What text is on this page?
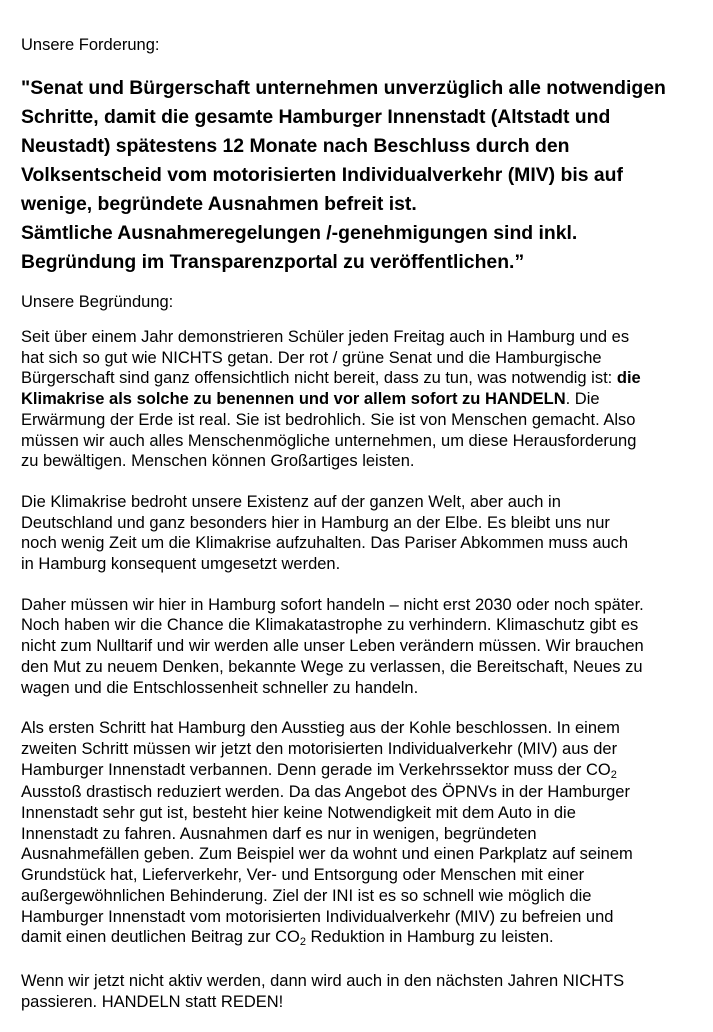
Unsere Forderung:

"Senat und Bürgerschaft unternehmen unverzüglich alle notwendigen
Schritte, damit die gesamte Hamburger Innenstadt (Altstadt und
Neustadt) spätestens 12 Monate nach Beschluss durch den
Volksentscheid vom motorisierten Individualverkehr (MIV) bis auf
wenige, begründete Ausnahmen befreit ist.
Sämtliche Ausnahmeregelungen /-genehmigungen sind inkl.
Begründung im Transparenzportal zu veröffentlichen.”

Unsere Begründung:

Seit über einem Jahr demonstrieren Schüler jeden Freitag auch in Hamburg und es
hat sich so gut wie NICHTS getan. Der rot / grüne Senat und die Hamburgische
Bürgerschaft sind ganz offensichtlich nicht bereit, dass zu tun, was notwendig ist: die
Klimakrise als solche zu benennen und vor allem sofort zu HANDELN. Die
Erwärmung der Erde ist real. Sie ist bedrohlich. Sie ist von Menschen gemacht. Also
müssen wir auch alles Menschenmögliche unternehmen, um diese Herausforderung
zu bewältigen. Menschen können Großartiges leisten.
Die Klimakrise bedroht unsere Existenz auf der ganzen Welt, aber auch in
Deutschland und ganz besonders hier in Hamburg an der Elbe. Es bleibt uns nur
noch wenig Zeit um die Klimakrise aufzuhalten. Das Pariser Abkommen muss auch
in Hamburg konsequent umgesetzt werden.
Daher müssen wir hier in Hamburg sofort handeln – nicht erst 2030 oder noch später.
Noch haben wir die Chance die Klimakatastrophe zu verhindern. Klimaschutz gibt es
nicht zum Nulltarif und wir werden alle unser Leben verändern müssen. Wir brauchen
den Mut zu neuem Denken, bekannte Wege zu verlassen, die Bereitschaft, Neues zu
wagen und die Entschlossenheit schneller zu handeln.
Als ersten Schritt hat Hamburg den Ausstieg aus der Kohle beschlossen. In einem
zweiten Schritt müssen wir jetzt den motorisierten Individualverkehr (MIV) aus der
Hamburger Innenstadt verbannen. Denn gerade im Verkehrssektor muss der $CO_2$
Ausstoß drastisch reduziert werden. Da das Angebot des ÖPNVs in der Hamburger
Innenstadt sehr gut ist, besteht hier keine Notwendigkeit mit dem Auto in die
Innenstadt zu fahren. Ausnahmen darf es nur in wenigen, begründeten
Ausnahmefällen geben. Zum Beispiel wer da wohnt und einen Parkplatz auf seinem
Grundstück hat, Lieferverkehr, Ver- und Entsorgung oder Menschen mit einer
außergewöhnlichen Behinderung. Ziel der INI ist es so schnell wie möglich die
Hamburger Innenstadt vom motorisierten Individualverkehr (MIV) zu befreien und
damit einen deutlichen Beitrag zur $CO_2$ Reduktion in Hamburg zu leisten.
Wenn wir jetzt nicht aktiv werden, dann wird auch in den nächsten Jahren NICHTS
passieren. HANDELN statt REDEN!
